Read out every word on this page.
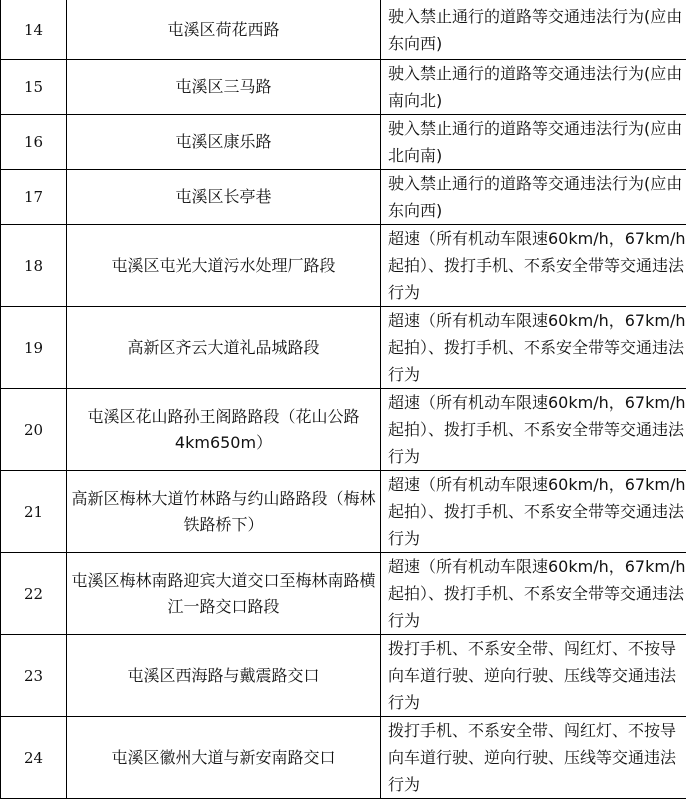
14	屯溪区荷花西路	驶入禁止通行的道路等交通违法行为(应由东向西)
15	屯溪区三马路	驶入禁止通行的道路等交通违法行为(应由南向北)
16	屯溪区康乐路	驶入禁止通行的道路等交通违法行为(应由北向南)
17	屯溪区长亭巷	驶入禁止通行的道路等交通违法行为(应由东向西)
18	屯溪区屯光大道污水处理厂路段	超速（所有机动车限速60km/h，67km/h起拍）、拨打手机、不系安全带等交通违法行为
19	高新区齐云大道礼品城路段	超速（所有机动车限速60km/h，67km/h起拍）、拨打手机、不系安全带等交通违法行为
20	屯溪区花山路孙王阁路路段（花山公路4km650m）	超速（所有机动车限速60km/h，67km/h起拍）、拨打手机、不系安全带等交通违法行为
21	高新区梅林大道竹林路与约山路路段（梅林铁路桥下）	超速（所有机动车限速60km/h，67km/h起拍）、拨打手机、不系安全带等交通违法行为
22	屯溪区梅林南路迎宾大道交口至梅林南路横江一路交口路段	超速（所有机动车限速60km/h，67km/h起拍）、拨打手机、不系安全带等交通违法行为
23	屯溪区西海路与戴震路交口	拨打手机、不系安全带、闯红灯、不按导向车道行驶、逆向行驶、压线等交通违法行为
24	屯溪区徽州大道与新安南路交口	拨打手机、不系安全带、闯红灯、不按导向车道行驶、逆向行驶、压线等交通违法行为
